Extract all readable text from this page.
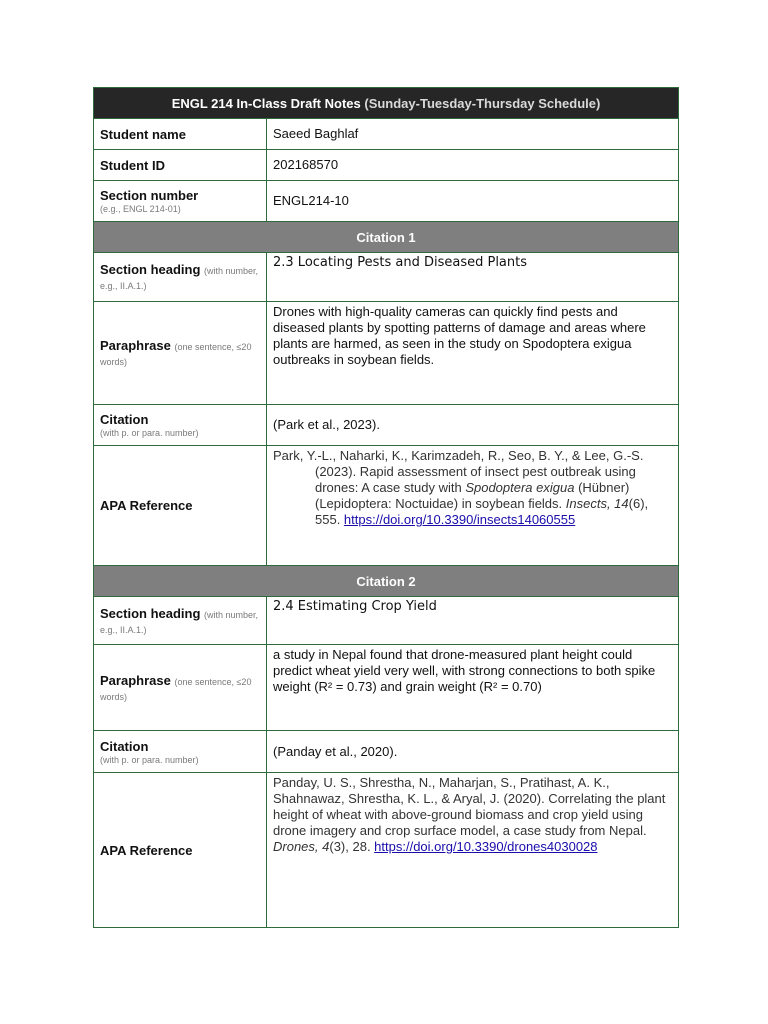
ENGL 214 In-Class Draft Notes (Sunday-Tuesday-Thursday Schedule)	
Student name	Saeed Baghlaf
Student ID	202168570
Section number
(e.g., ENGL 214-01)	ENGL214-10
Citation 1	
Section heading (with number, e.g., II.A.1.)	2.3 Locating Pests and Diseased Plants
Paraphrase (one sentence, ≤20 words)	Drones with high-quality cameras can quickly find pests and diseased plants by spotting patterns of damage and areas where plants are harmed, as seen in the study on Spodoptera exigua outbreaks in soybean fields.
Citation
(with p. or para. number)	(Park et al., 2023).
APA Reference	Park, Y.-L., Naharki, K., Karimzadeh, R., Seo, B. Y., & Lee, G.-S. (2023). Rapid assessment of insect pest outbreak using drones: A case study with Spodoptera exigua (Hübner) (Lepidoptera: Noctuidae) in soybean fields. Insects, 14(6), 555. https://doi.org/10.3390/insects14060555
Citation 2	
Section heading (with number, e.g., II.A.1.)	2.4 Estimating Crop Yield
Paraphrase (one sentence, ≤20 words)	a study in Nepal found that drone-measured plant height could predict wheat yield very well, with strong connections to both spike weight (R² = 0.73) and grain weight (R² = 0.70)
Citation
(with p. or para. number)	(Panday et al., 2020).
APA Reference	Panday, U. S., Shrestha, N., Maharjan, S., Pratihast, A. K., Shahnawaz, Shrestha, K. L., & Aryal, J. (2020). Correlating the plant height of wheat with above-ground biomass and crop yield using drone imagery and crop surface model, a case study from Nepal. Drones, 4(3), 28. https://doi.org/10.3390/drones4030028
